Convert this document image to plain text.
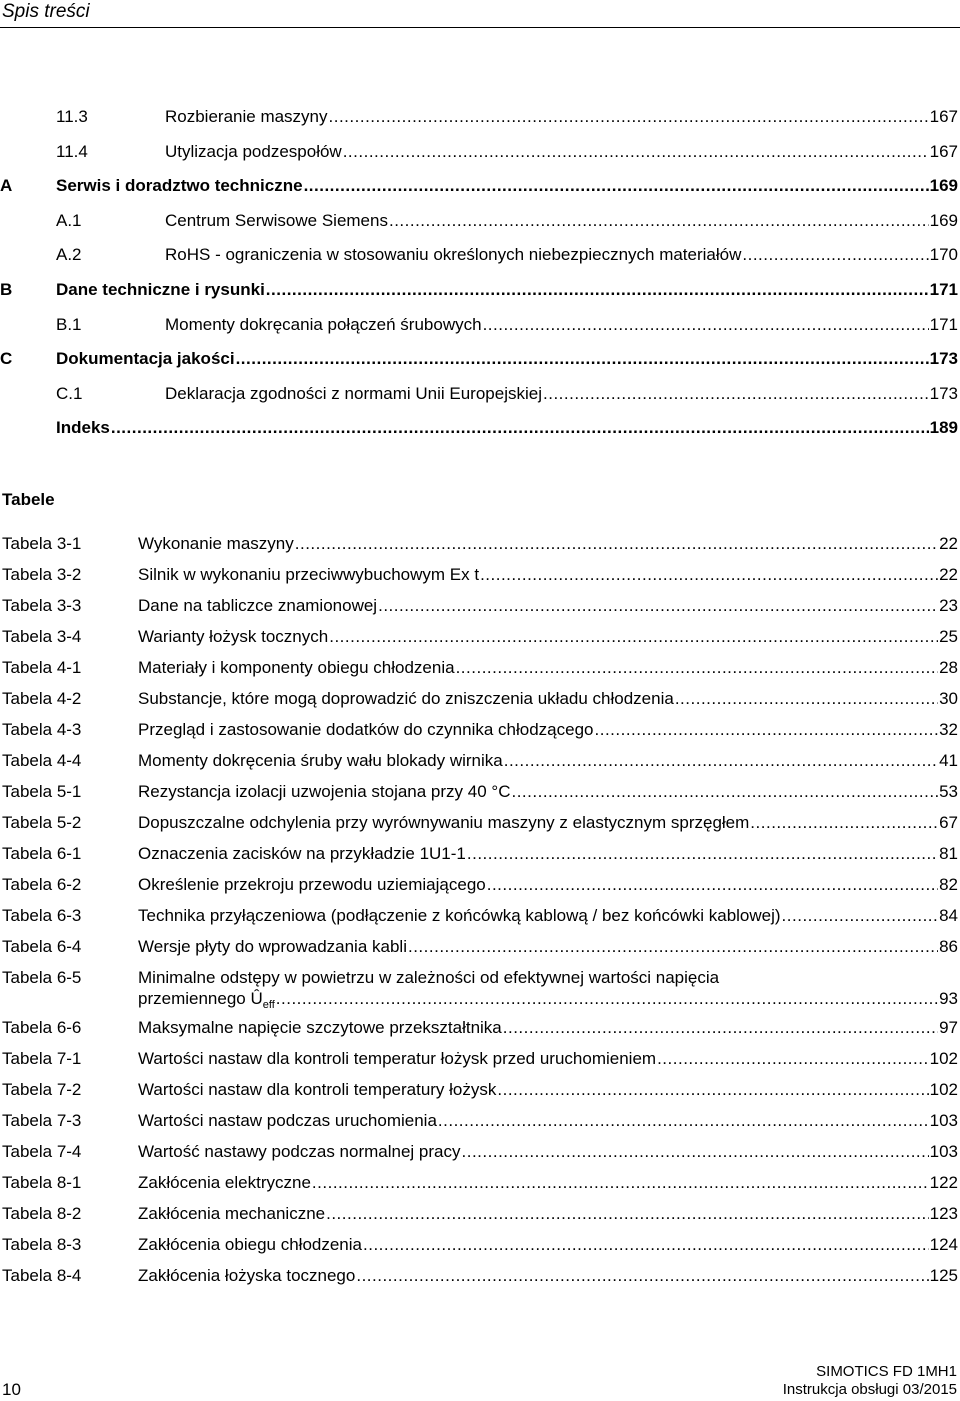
Spis treści
11.3	Rozbieranie maszyny .....	167
11.4	Utylizacja podzespołów .....	167
A	Serwis i doradztwo techniczne .....	169
A.1	Centrum Serwisowe Siemens .....	169
A.2	RoHS - ograniczenia w stosowaniu określonych niebezpiecznych materiałów .....	170
B	Dane techniczne i rysunki .....	171
B.1	Momenty dokręcania połączeń śrubowych .....	171
C	Dokumentacja jakości .....	173
C.1	Deklaracja zgodności z normami Unii Europejskiej .....	173
Indeks .....	189
Tabele
Tabela 3-1	Wykonanie maszyny .....	22
Tabela 3-2	Silnik w wykonaniu przeciwwybuchowym Ex t .....	22
Tabela 3-3	Dane na tabliczce znamionowej .....	23
Tabela 3-4	Warianty łożysk tocznych .....	25
Tabela 4-1	Materiały i komponenty obiegu chłodzenia .....	28
Tabela 4-2	Substancje, które mogą doprowadzić do zniszczenia układu chłodzenia .....	30
Tabela 4-3	Przegląd i zastosowanie dodatków do czynnika chłodzącego .....	32
Tabela 4-4	Momenty dokręcenia śruby wału blokady wirnika .....	41
Tabela 5-1	Rezystancja izolacji uzwojenia stojana przy 40 °C .....	53
Tabela 5-2	Dopuszczalne odchylenia przy wyrównywaniu maszyny z elastycznym sprzęgłem .....	67
Tabela 6-1	Oznaczenia zacisków na przykładzie 1U1-1 .....	81
Tabela 6-2	Określenie przekroju przewodu uziemiającego .....	82
Tabela 6-3	Technika przyłączeniowa (podłączenie z końcówką kablową / bez końcówki kablowej) .....	84
Tabela 6-4	Wersje płyty do wprowadzania kabli .....	86
Tabela 6-5	Minimalne odstępy w powietrzu w zależności od efektywnej wartości napięcia
przemiennego $Û_{eff}$ .....	93
Tabela 6-6	Maksymalne napięcie szczytowe przekształtnika .....	97
Tabela 7-1	Wartości nastaw dla kontroli temperatur łożysk przed uruchomieniem .....	102
Tabela 7-2	Wartości nastaw dla kontroli temperatury łożysk .....	102
Tabela 7-3	Wartości nastaw podczas uruchomienia .....	103
Tabela 7-4	Wartość nastawy podczas normalnej pracy .....	103
Tabela 8-1	Zakłócenia elektryczne .....	122
Tabela 8-2	Zakłócenia mechaniczne .....	123
Tabela 8-3	Zakłócenia obiegu chłodzenia .....	124
Tabela 8-4	Zakłócenia łożyska tocznego .....	125
10
SIMOTICS FD 1MH1
Instrukcja obsługi 03/2015
